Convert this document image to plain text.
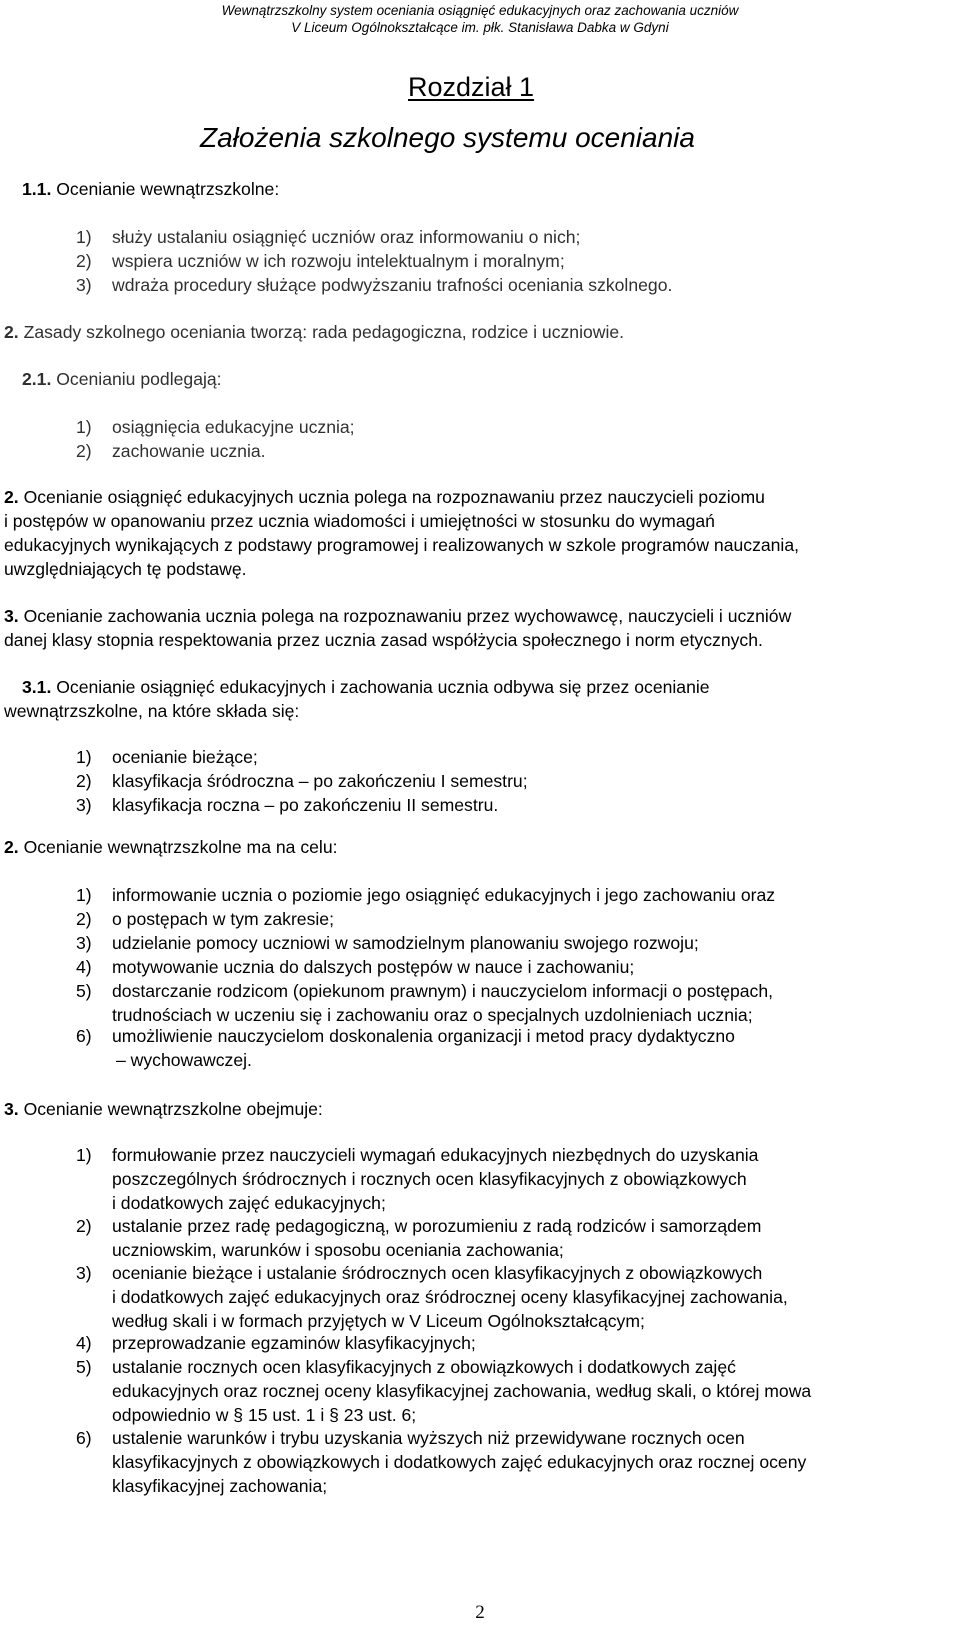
Wewnątrzszkolny system oceniania osiągnięć edukacyjnych oraz zachowania uczniów
V Liceum Ogólnokształcące im. płk. Stanisława Dabka w Gdyni
Rozdział 1
Założenia szkolnego systemu oceniania
1.1. Ocenianie wewnątrzszkolne:
1) służy ustalaniu osiągnięć uczniów oraz informowaniu o nich;
2) wspiera uczniów w ich rozwoju intelektualnym i moralnym;
3) wdraża procedury służące podwyższaniu trafności oceniania szkolnego.
2. Zasady szkolnego oceniania tworzą: rada pedagogiczna, rodzice i uczniowie.
2.1. Ocenianiu podlegają:
1) osiągnięcia edukacyjne ucznia;
2) zachowanie ucznia.
2. Ocenianie osiągnięć edukacyjnych ucznia polega na rozpoznawaniu przez nauczycieli poziomu
i postępów w opanowaniu przez ucznia wiadomości i umiejętności w stosunku do wymagań
edukacyjnych wynikających z podstawy programowej i realizowanych w szkole programów nauczania,
uwzględniających tę podstawę.
3. Ocenianie zachowania ucznia polega na rozpoznawaniu przez wychowawcę, nauczycieli i uczniów
danej klasy stopnia respektowania przez ucznia zasad współżycia społecznego i norm etycznych.
3.1. Ocenianie osiągnięć edukacyjnych i zachowania ucznia odbywa się przez ocenianie
wewnątrzszkolne, na które składa się:
1) ocenianie bieżące;
2) klasyfikacja śródroczna – po zakończeniu I semestru;
3) klasyfikacja roczna – po zakończeniu II semestru.
2. Ocenianie wewnątrzszkolne ma na celu:
1) informowanie ucznia o poziomie jego osiągnięć edukacyjnych i jego zachowaniu oraz
2) o postępach w tym zakresie;
3) udzielanie pomocy uczniowi w samodzielnym planowaniu swojego rozwoju;
4) motywowanie ucznia do dalszych postępów w nauce i zachowaniu;
5) dostarczanie rodzicom (opiekunom prawnym) i nauczycielom informacji o postępach,
trudnościach w uczeniu się i zachowaniu oraz o specjalnych uzdolnieniach ucznia;
6) umożliwienie nauczycielom doskonalenia organizacji i metod pracy dydaktyczno
– wychowawczej.
3. Ocenianie wewnątrzszkolne obejmuje:
1) formułowanie przez nauczycieli wymagań edukacyjnych niezbędnych do uzyskania
poszczególnych śródrocznych i rocznych ocen klasyfikacyjnych z obowiązkowych
i dodatkowych zajęć edukacyjnych;
2) ustalanie przez radę pedagogiczną, w porozumieniu z radą rodziców i samorządem
uczniowskim, warunków i sposobu oceniania zachowania;
3) ocenianie bieżące i ustalanie śródrocznych ocen klasyfikacyjnych z obowiązkowych
i dodatkowych zajęć edukacyjnych oraz śródrocznej oceny klasyfikacyjnej zachowania,
według skali i w formach przyjętych w V Liceum Ogólnokształcącym;
4) przeprowadzanie egzaminów klasyfikacyjnych;
5) ustalanie rocznych ocen klasyfikacyjnych z obowiązkowych i dodatkowych zajęć
edukacyjnych oraz rocznej oceny klasyfikacyjnej zachowania, według skali, o której mowa
odpowiednio w § 15 ust. 1 i § 23 ust. 6;
6) ustalenie warunków i trybu uzyskania wyższych niż przewidywane rocznych ocen
klasyfikacyjnych z obowiązkowych i dodatkowych zajęć edukacyjnych oraz rocznej oceny
klasyfikacyjnej zachowania;
2
